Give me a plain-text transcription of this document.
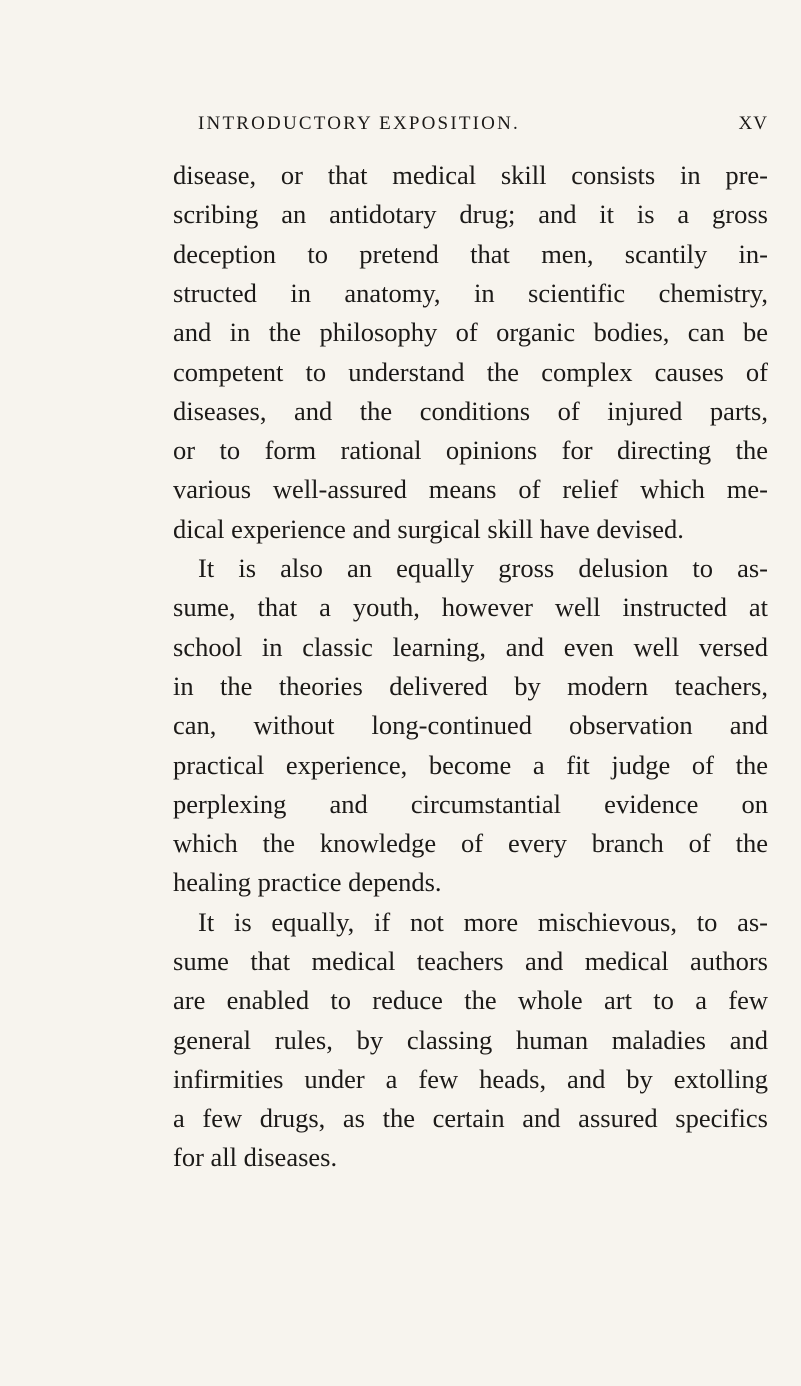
INTRODUCTORY EXPOSITION.	XV
disease, or that medical skill consists in pre-
scribing an antidotary drug; and it is a gross
deception to pretend that men, scantily in-
structed in anatomy, in scientific chemistry,
and in the philosophy of organic bodies, can be
competent to understand the complex causes of
diseases, and the conditions of injured parts,
or to form rational opinions for directing the
various well-assured means of relief which me-
dical experience and surgical skill have devised.
It is also an equally gross delusion to as-
sume, that a youth, however well instructed at
school in classic learning, and even well versed
in the theories delivered by modern teachers,
can, without long-continued observation and
practical experience, become a fit judge of the
perplexing and circumstantial evidence on
which the knowledge of every branch of the
healing practice depends.
It is equally, if not more mischievous, to as-
sume that medical teachers and medical authors
are enabled to reduce the whole art to a few
general rules, by classing human maladies and
infirmities under a few heads, and by extolling
a few drugs, as the certain and assured specifics
for all diseases.
